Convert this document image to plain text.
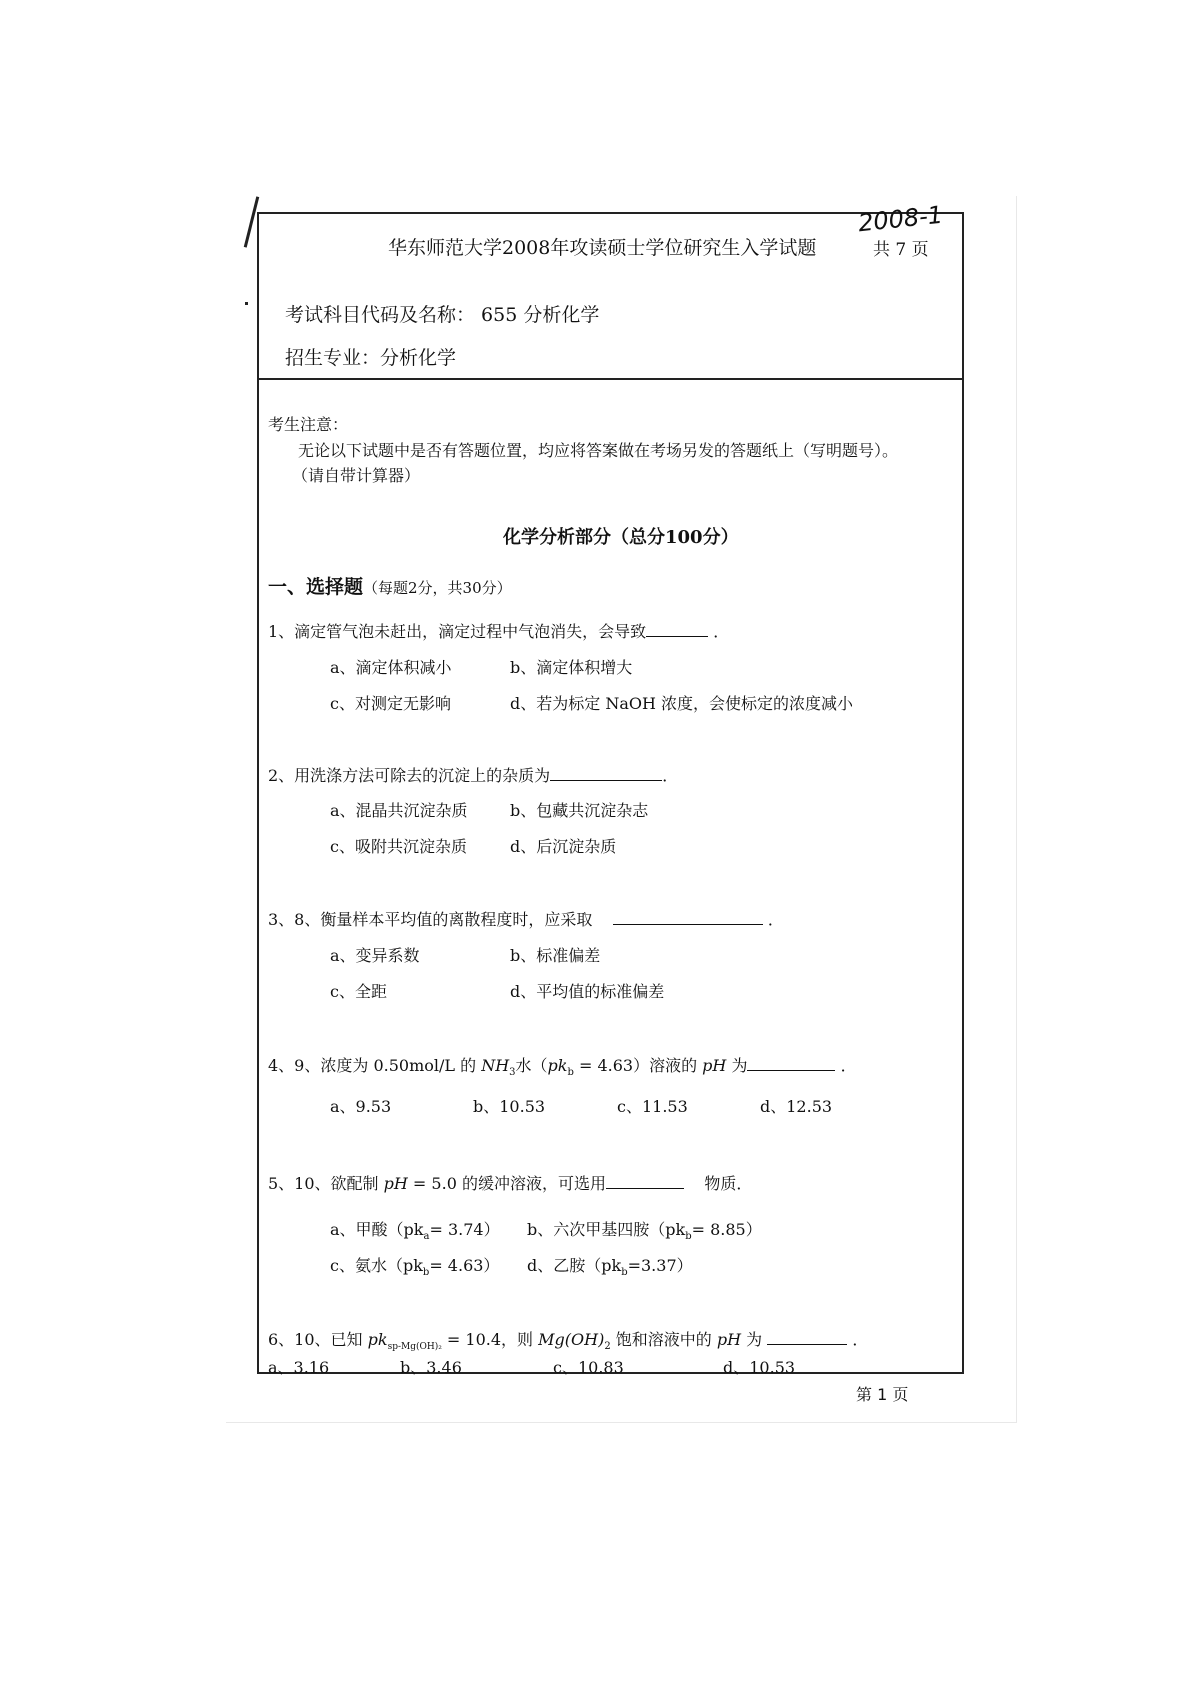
2008-1
华东师范大学2008年攻读硕士学位研究生入学试题	共 7 页
考试科目代码及名称： 655 分析化学
招生专业：分析化学
考生注意：
无论以下试题中是否有答题位置，均应将答案做在考场另发的答题纸上（写明题号）。
（请自带计算器）
化学分析部分（总分100分）
一、选择题（每题2分，共30分）
1、滴定管气泡未赶出，滴定过程中气泡消失，会导致	．
a、滴定体积减小	b、滴定体积增大
c、对测定无影响	d、若为标定 NaOH 浓度，会使标定的浓度减小
2、用洗涤方法可除去的沉淀上的杂质为	．
a、混晶共沉淀杂质	b、包藏共沉淀杂志
c、吸附共沉淀杂质	d、后沉淀杂质
3、8、衡量样本平均值的离散程度时，应采取	．
a、变异系数	b、标准偏差
c、全距	d、平均值的标准偏差
4、9、浓度为 0.50mol/L 的 $NH_3$水$(pk_b = 4.63)$溶液的 pH 为	．
a、9.53	b、10.53	c、11.53	d、12.53
5、10、欲配制 pH = 5.0 的缓冲溶液，可选用	物质．
a、甲酸$(pk_a= 3.74)$ b、六次甲基四胺$(pk_b= 8.85)$
c、氨水$(pk_b= 4.63)$ d、乙胺$(pk_b=3.37)$
6、10、已知 $pk_{sp-Mg(OH)_2} = 10.4$，则 $Mg(OH)_2$ 饱和溶液中的 pH 为	．
a、3.16	b、3.46	c、10.83	d、10.53
第 1 页
